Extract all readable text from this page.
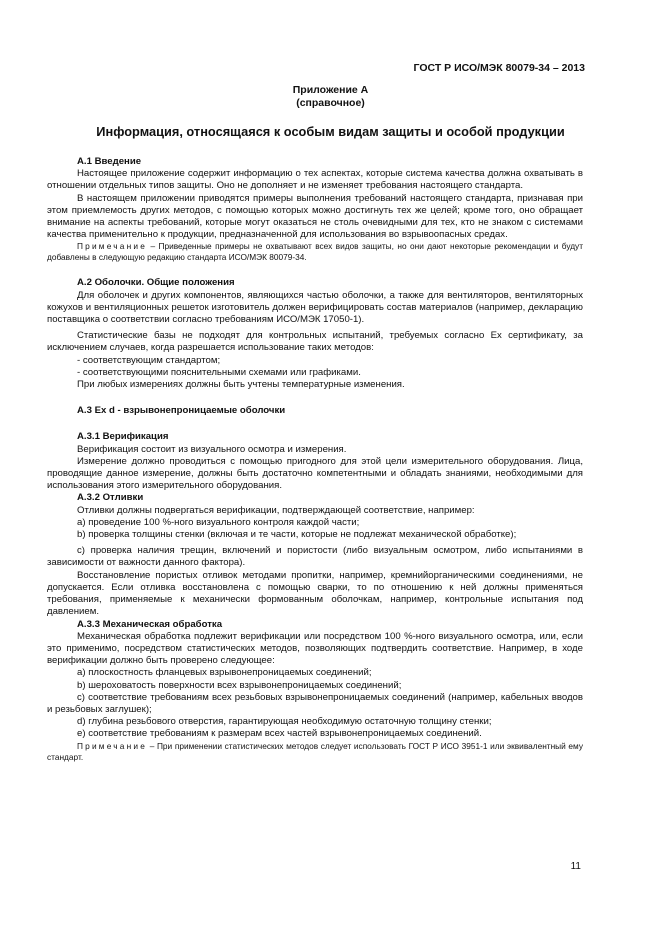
ГОСТ Р ИСО/МЭК 80079-34 – 2013
Приложение А
(справочное)
Информация, относящаяся к особым видам защиты и особой продукции
А.1 Введение

Настоящее приложение содержит информацию о тех аспектах, которые система качества должна охватывать в отношении отдельных типов защиты. Оно не дополняет и не изменяет требования настоящего стандарта.

В настоящем приложении приводятся примеры выполнения требований настоящего стандарта, признавая при этом приемлемость других методов, с помощью которых можно достигнуть тех же целей; кроме того, оно обращает внимание на аспекты требований, которые могут оказаться не столь очевидными для тех, кто не знаком с системами качества применительно к продукции, предназначенной для использования во взрывоопасных средах.

Примечание – Приведенные примеры не охватывают всех видов защиты, но они дают некоторые рекомендации и будут добавлены в следующую редакцию стандарта ИСО/МЭК 80079-34.

А.2 Оболочки. Общие положения

Для оболочек и других компонентов, являющихся частью оболочки, а также для вентиляторов, вентиляторных кожухов и вентиляционных решеток изготовитель должен верифицировать состав материалов (например, декларацию поставщика о соответствии согласно требованиям ИСО/МЭК 17050-1).

Статистические базы не подходят для контрольных испытаний, требуемых согласно Ex сертификату, за исключением случаев, когда разрешается использование таких методов:

- соответствующим стандартом;

- соответствующими пояснительными схемами или графиками.

При любых измерениях должны быть учтены температурные изменения.

А.3 Ex d - взрывонепроницаемые оболочки
А.3.1 Верификация

Верификация состоит из визуального осмотра и измерения.

Измерение должно проводиться с помощью пригодного для этой цели измерительного оборудования. Лица, проводящие данное измерение, должны быть достаточно компетентными и обладать знаниями, необходимыми для использования этого измерительного оборудования.

А.3.2 Отливки

Отливки должны подвергаться верификации, подтверждающей соответствие, например:

а) проведение 100 %-ного визуального контроля каждой части;

b) проверка толщины стенки (включая и те части, которые не подлежат механической обработке);

c) проверка наличия трещин, включений и пористости (либо визуальным осмотром, либо испытаниями в зависимости от важности данного фактора).

Восстановление пористых отливок методами пропитки, например, кремнийорганическими соединениями, не допускается. Если отливка восстановлена с помощью сварки, то по отношению к ней должны применяться требования, применяемые к механически формованным оболочкам, например, контрольные испытания под давлением.

А.3.3 Механическая обработка

Механическая обработка подлежит верификации или посредством 100 %-ного визуального осмотра, или, если это применимо, посредством статистических методов, позволяющих подтвердить соответствие. Например, в ходе верификации должно быть проверено следующее:

а) плоскостность фланцевых взрывонепроницаемых соединений;

b) шероховатость поверхности всех взрывонепроницаемых соединений;

c) соответствие требованиям всех резьбовых взрывонепроницаемых соединений (например, кабельных вводов и резьбовых заглушек);

d) глубина резьбового отверстия, гарантирующая необходимую остаточную толщину стенки;

e) соответствие требованиям к размерам всех частей взрывонепроницаемых соединений.

Примечание – При применении статистических методов следует использовать ГОСТ Р ИСО 3951-1 или эквивалентный ему стандарт.

11
